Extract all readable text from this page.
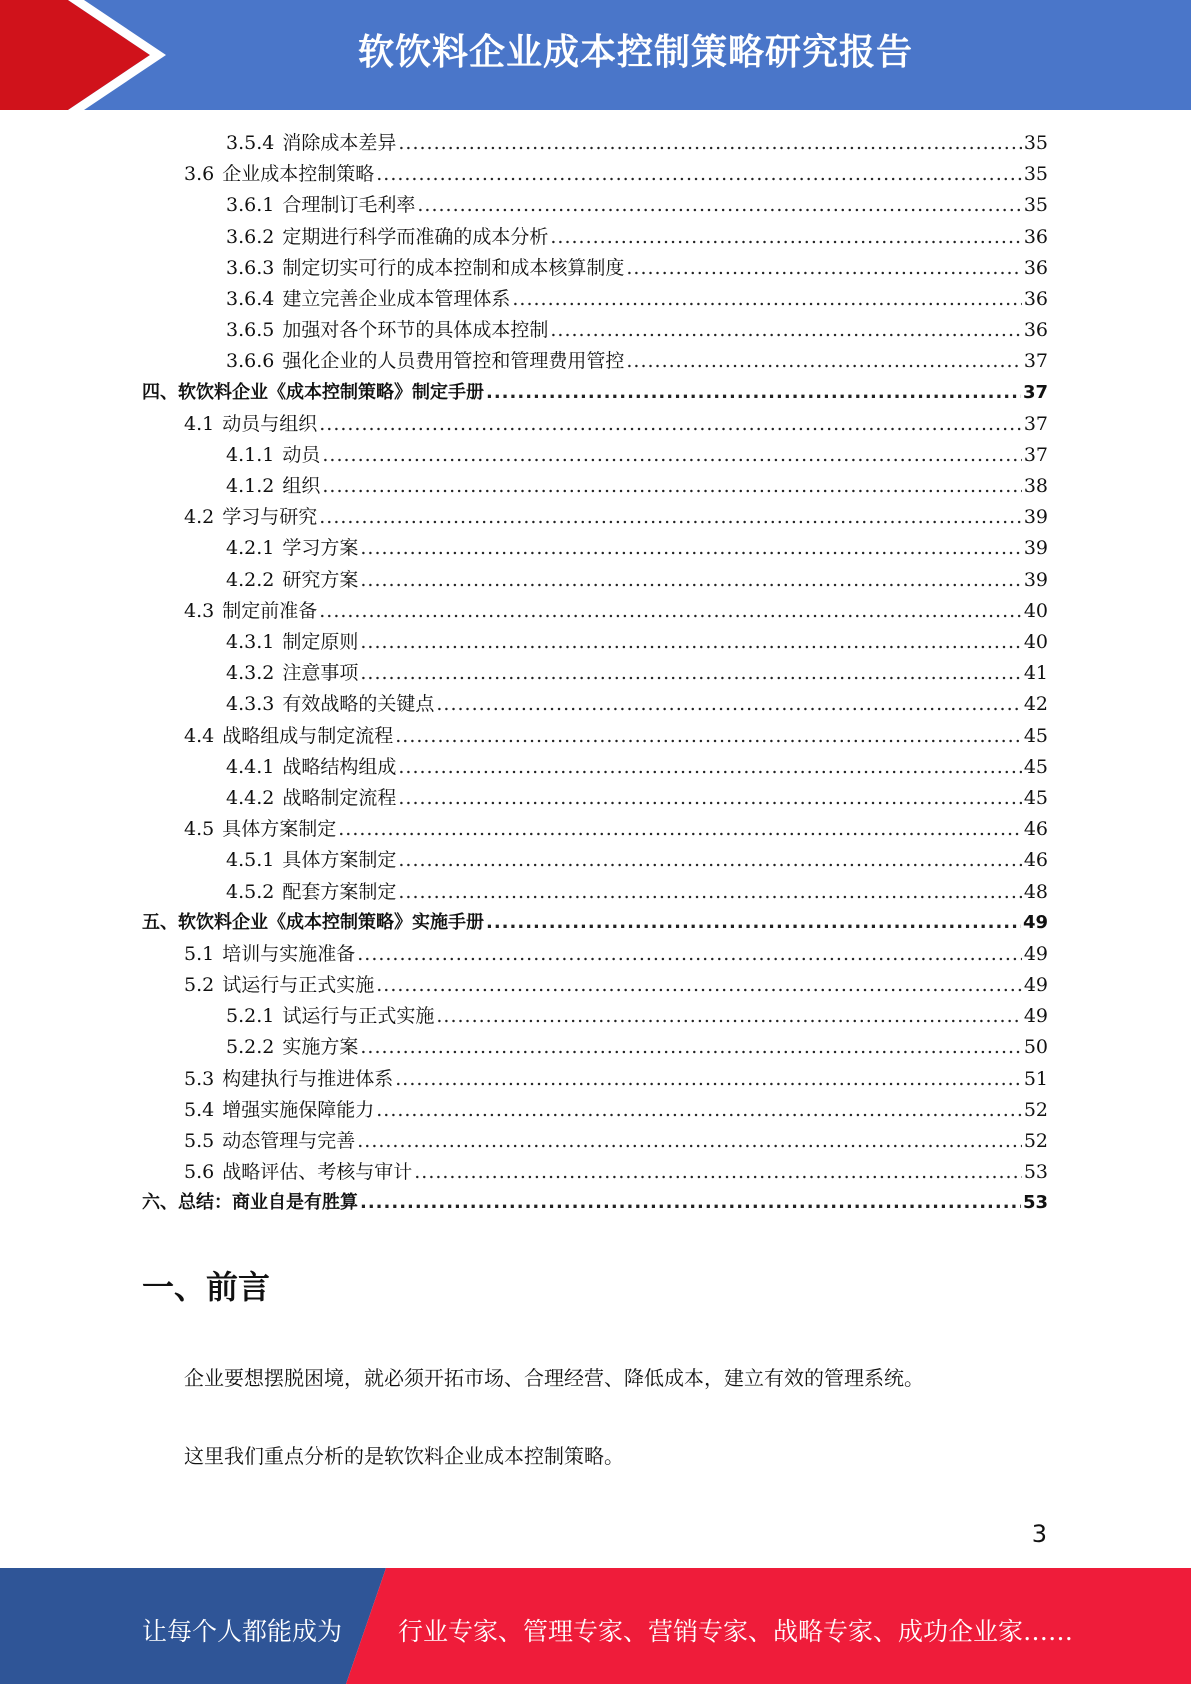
软饮料企业成本控制策略研究报告
3.5.4 消除成本差异 .....	35
3.6 企业成本控制策略 .....	35
3.6.1 合理制订毛利率 .....	35
3.6.2 定期进行科学而准确的成本分析 .....	36
3.6.3 制定切实可行的成本控制和成本核算制度 .....	36
3.6.4 建立完善企业成本管理体系 .....	36
3.6.5 加强对各个环节的具体成本控制 .....	36
3.6.6 强化企业的人员费用管控和管理费用管控 .....	37
四、 软饮料企业《成本控制策略》制定手册 .....	37
4.1 动员与组织 .....	37
4.1.1 动员 .....	37
4.1.2 组织 .....	38
4.2 学习与研究 .....	39
4.2.1 学习方案 .....	39
4.2.2 研究方案 .....	39
4.3 制定前准备 .....	40
4.3.1 制定原则 .....	40
4.3.2 注意事项 .....	41
4.3.3 有效战略的关键点 .....	42
4.4 战略组成与制定流程 .....	45
4.4.1 战略结构组成 .....	45
4.4.2 战略制定流程 .....	45
4.5 具体方案制定 .....	46
4.5.1 具体方案制定 .....	46
4.5.2 配套方案制定 .....	48
五、 软饮料企业《成本控制策略》实施手册 .....	49
5.1 培训与实施准备 .....	49
5.2 试运行与正式实施 .....	49
5.2.1 试运行与正式实施 .....	49
5.2.2 实施方案 .....	50
5.3 构建执行与推进体系 .....	51
5.4 增强实施保障能力 .....	52
5.5 动态管理与完善 .....	52
5.6 战略评估、考核与审计 .....	53
六、 总结：商业自是有胜算 .....	53
一、前言
企业要想摆脱困境，就必须开拓市场、合理经营、降低成本，建立有效的管理系统。
这里我们重点分析的是软饮料企业成本控制策略。
3
让每个人都能成为 行业专家、管理专家、营销专家、战略专家、成功企业家……
